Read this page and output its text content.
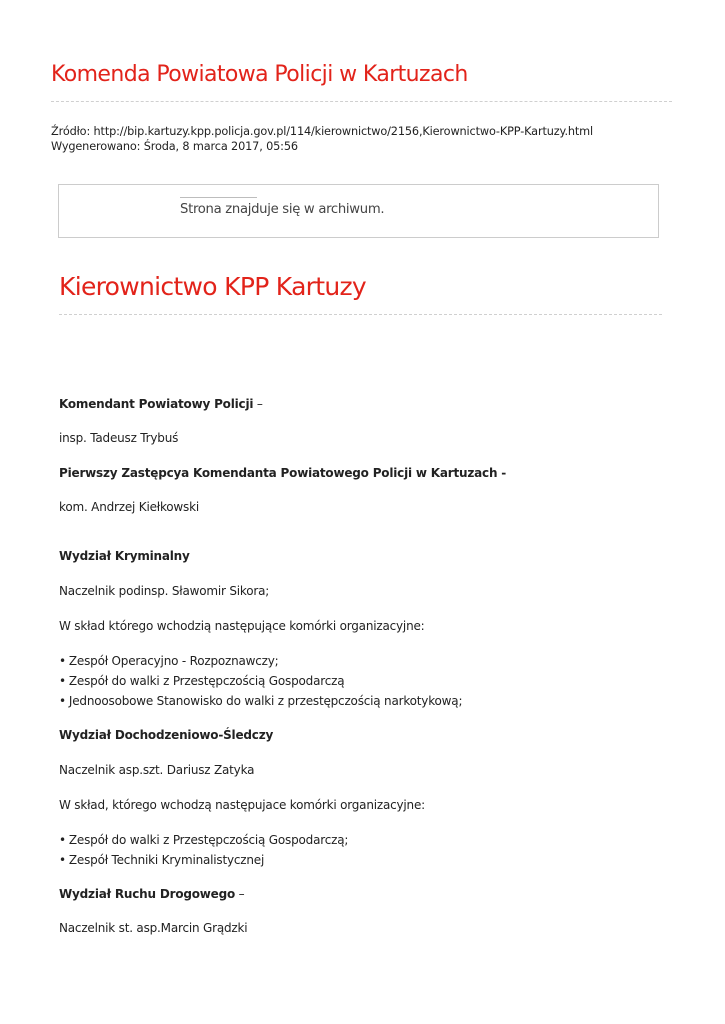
Komenda Powiatowa Policji w Kartuzach
Źródło: http://bip.kartuzy.kpp.policja.gov.pl/114/kierownictwo/2156,Kierownictwo-KPP-Kartuzy.html
Wygenerowano: Środa, 8 marca 2017, 05:56
Strona znajduje się w archiwum.
Kierownictwo KPP Kartuzy
Komendant Powiatowy Policji –
insp. Tadeusz Trybuś
Pierwszy Zastępcya Komendanta Powiatowego Policji w Kartuzach -
kom. Andrzej Kiełkowski
Wydział Kryminalny
Naczelnik podinsp. Sławomir Sikora;
W skład którego wchodzią następujące komórki organizacyjne:
• Zespół Operacyjno - Rozpoznawczy;
• Zespół do walki z Przestępczością Gospodarczą
• Jednoosobowe Stanowisko do walki z przestępczością narkotykową;
Wydział Dochodzeniowo-Śledczy
Naczelnik asp.szt. Dariusz Zatyka
W skład, którego wchodzą następujace komórki organizacyjne:
• Zespół do walki z Przestępczością Gospodarczą;
• Zespół Techniki Kryminalistycznej
Wydział Ruchu Drogowego –
Naczelnik st. asp.Marcin Grądzki
